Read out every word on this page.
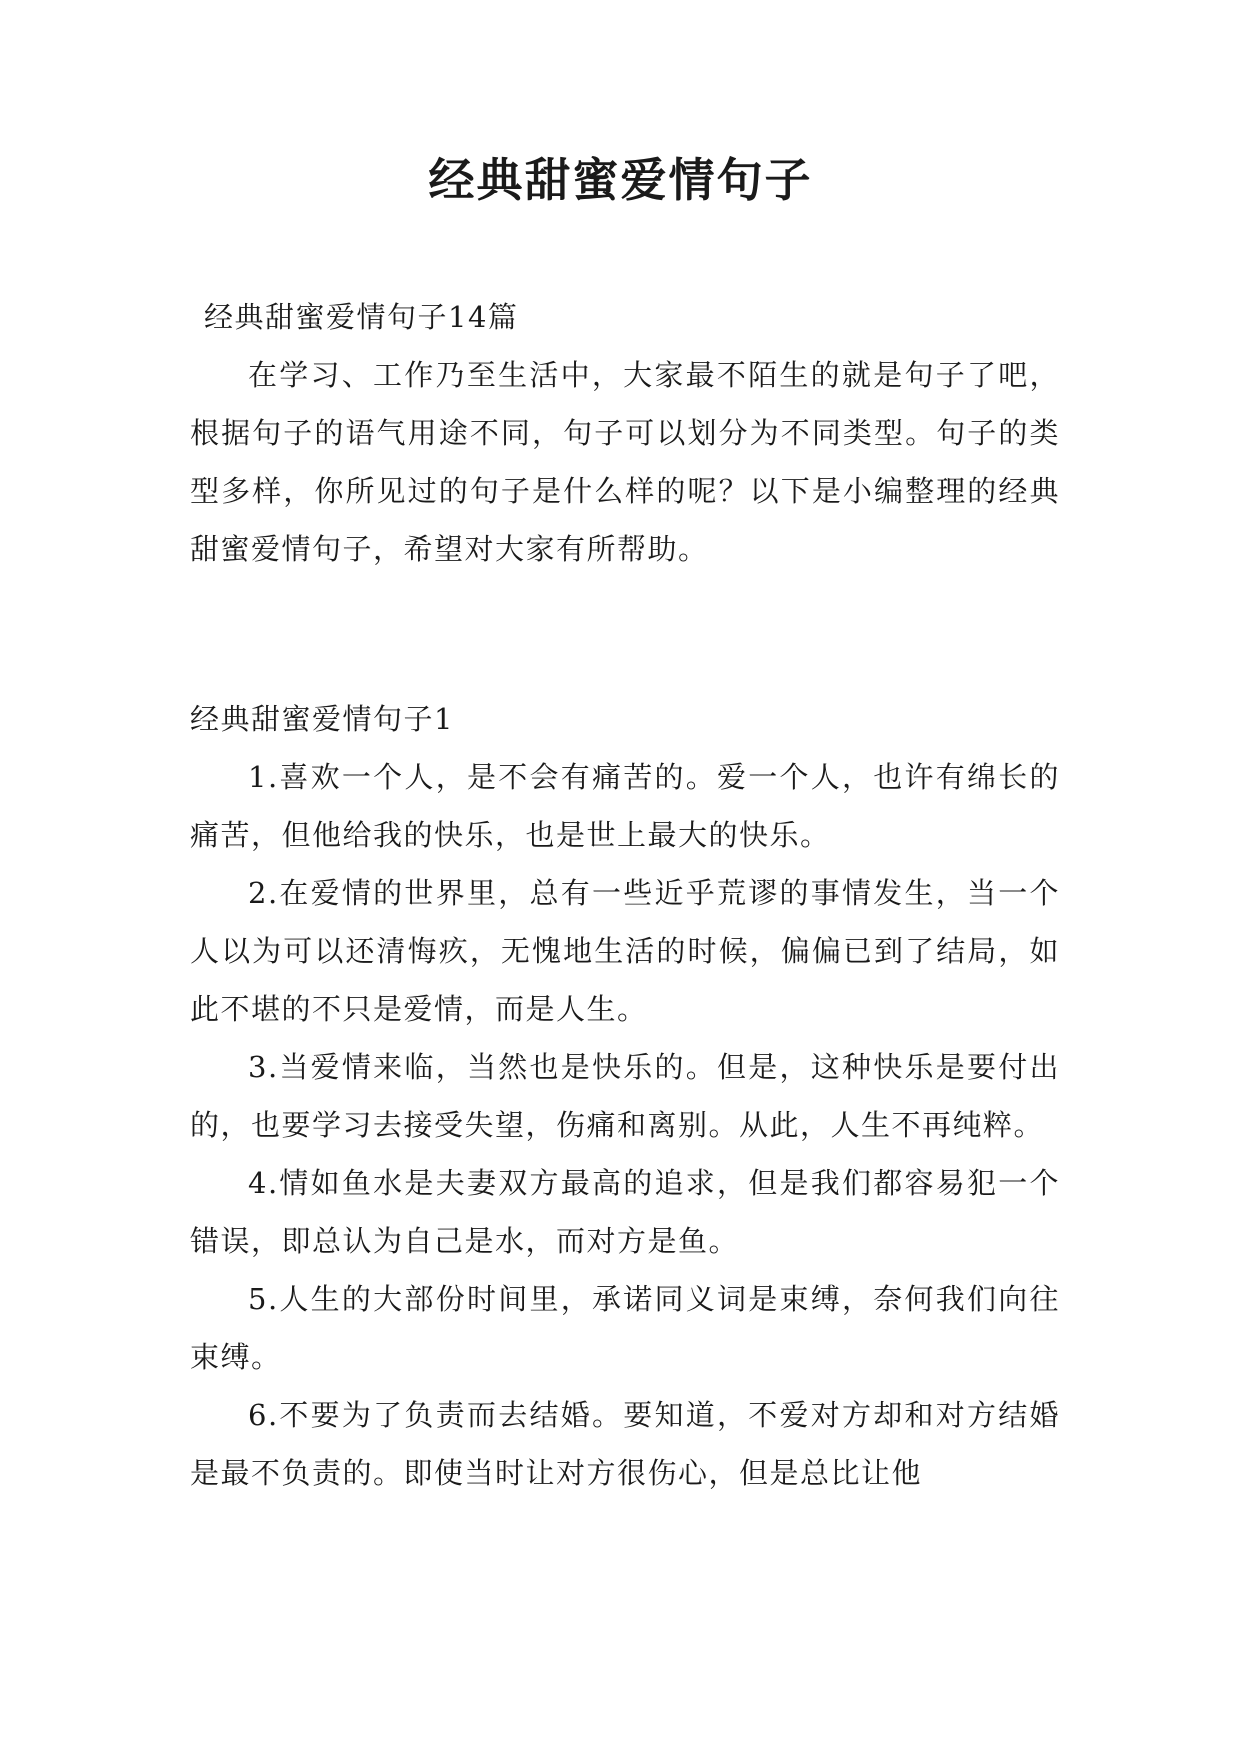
经典甜蜜爱情句子
经典甜蜜爱情句子14篇
在学习、工作乃至生活中，大家最不陌生的就是句子了吧，根据句子的语气用途不同，句子可以划分为不同类型。句子的类型多样，你所见过的句子是什么样的呢？以下是小编整理的经典甜蜜爱情句子，希望对大家有所帮助。
经典甜蜜爱情句子1

1.喜欢一个人，是不会有痛苦的。爱一个人，也许有绵长的痛苦，但他给我的快乐，也是世上最大的快乐。

2.在爱情的世界里，总有一些近乎荒谬的事情发生，当一个人以为可以还清悔疚，无愧地生活的时候，偏偏已到了结局，如此不堪的不只是爱情，而是人生。

3.当爱情来临，当然也是快乐的。但是，这种快乐是要付出的，也要学习去接受失望，伤痛和离别。从此，人生不再纯粹。

4.情如鱼水是夫妻双方最高的追求，但是我们都容易犯一个错误，即总认为自己是水，而对方是鱼。

5.人生的大部份时间里，承诺同义词是束缚，奈何我们向往束缚。

6.不要为了负责而去结婚。要知道，不爱对方却和对方结婚是最不负责的。即使当时让对方很伤心，但是总比让他
